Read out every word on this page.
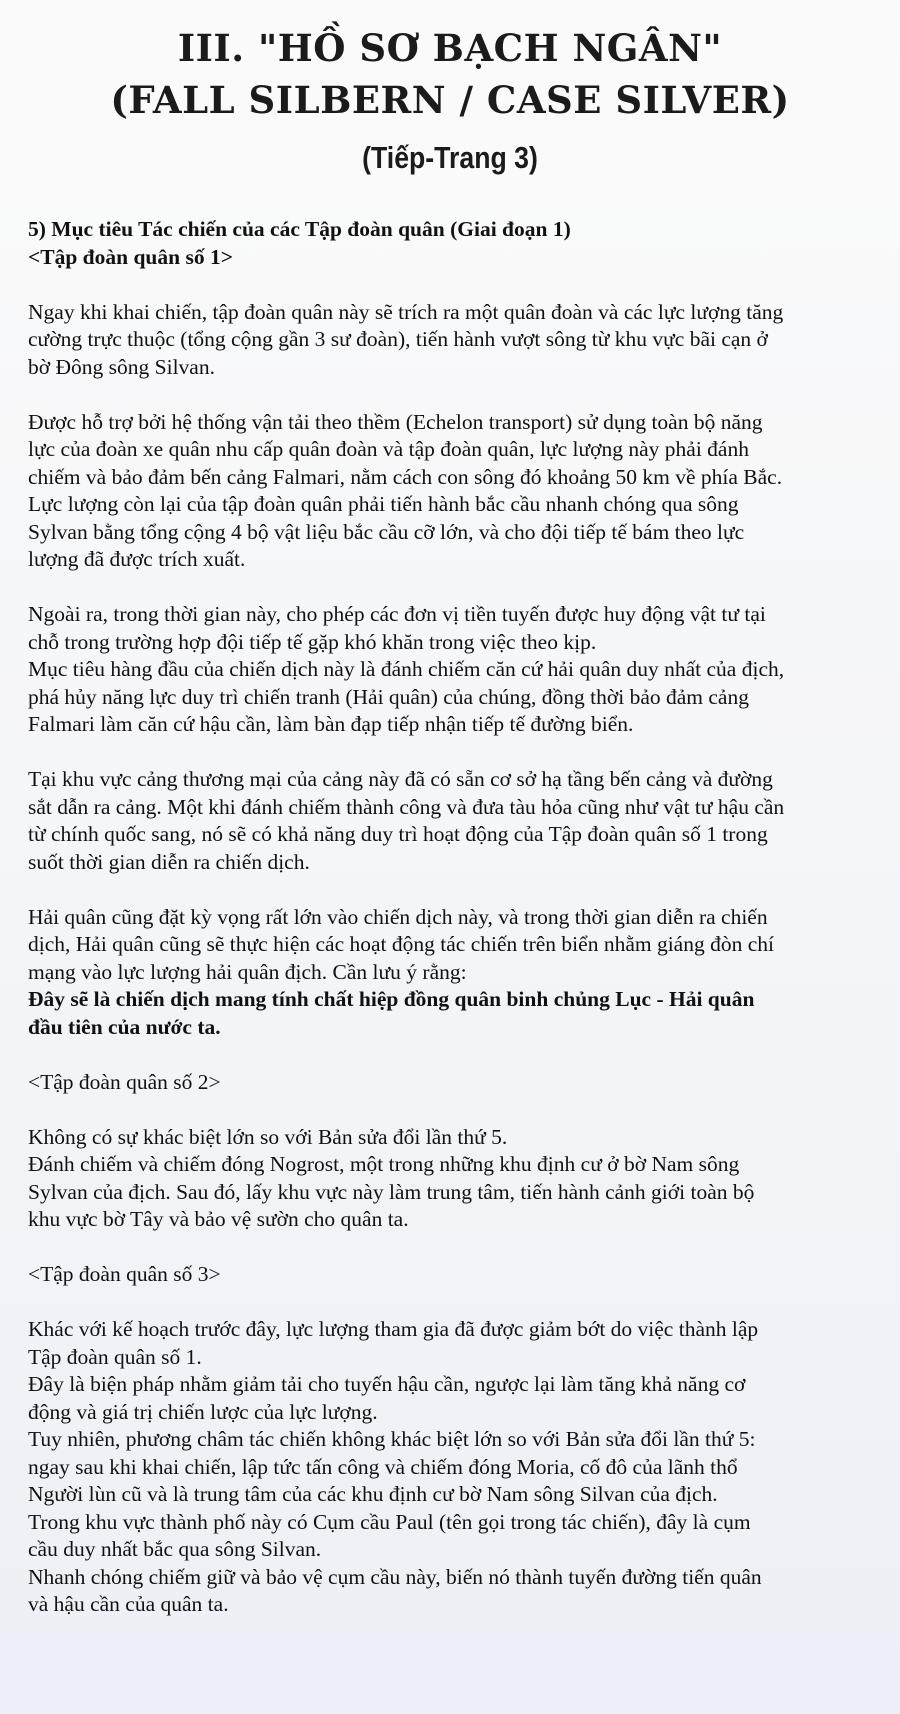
III. "HỒ SƠ BẠCH NGÂN"
(FALL SILBERN / CASE SILVER)
(Tiếp-Trang 3)
5) Mục tiêu Tác chiến của các Tập đoàn quân (Giai đoạn 1)
<Tập đoàn quân số 1>
Ngay khi khai chiến, tập đoàn quân này sẽ trích ra một quân đoàn và các lực lượng tăng
cường trực thuộc (tổng cộng gần 3 sư đoàn), tiến hành vượt sông từ khu vực bãi cạn ở
bờ Đông sông Silvan.
Được hỗ trợ bởi hệ thống vận tải theo thềm (Echelon transport) sử dụng toàn bộ năng
lực của đoàn xe quân nhu cấp quân đoàn và tập đoàn quân, lực lượng này phải đánh
chiếm và bảo đảm bến cảng Falmari, nằm cách con sông đó khoảng 50 km về phía Bắc.
Lực lượng còn lại của tập đoàn quân phải tiến hành bắc cầu nhanh chóng qua sông
Sylvan bằng tổng cộng 4 bộ vật liệu bắc cầu cỡ lớn, và cho đội tiếp tế bám theo lực
lượng đã được trích xuất.
Ngoài ra, trong thời gian này, cho phép các đơn vị tiền tuyến được huy động vật tư tại
chỗ trong trường hợp đội tiếp tế gặp khó khăn trong việc theo kịp.
Mục tiêu hàng đầu của chiến dịch này là đánh chiếm căn cứ hải quân duy nhất của địch,
phá hủy năng lực duy trì chiến tranh (Hải quân) của chúng, đồng thời bảo đảm cảng
Falmari làm căn cứ hậu cần, làm bàn đạp tiếp nhận tiếp tế đường biển.
Tại khu vực cảng thương mại của cảng này đã có sẵn cơ sở hạ tầng bến cảng và đường
sắt dẫn ra cảng. Một khi đánh chiếm thành công và đưa tàu hỏa cũng như vật tư hậu cần
từ chính quốc sang, nó sẽ có khả năng duy trì hoạt động của Tập đoàn quân số 1 trong
suốt thời gian diễn ra chiến dịch.
Hải quân cũng đặt kỳ vọng rất lớn vào chiến dịch này, và trong thời gian diễn ra chiến
dịch, Hải quân cũng sẽ thực hiện các hoạt động tác chiến trên biển nhằm giáng đòn chí
mạng vào lực lượng hải quân địch. Cần lưu ý rằng:
Đây sẽ là chiến dịch mang tính chất hiệp đồng quân binh chủng Lục - Hải quân
đầu tiên của nước ta.
<Tập đoàn quân số 2>
Không có sự khác biệt lớn so với Bản sửa đổi lần thứ 5.
Đánh chiếm và chiếm đóng Nogrost, một trong những khu định cư ở bờ Nam sông
Sylvan của địch. Sau đó, lấy khu vực này làm trung tâm, tiến hành cảnh giới toàn bộ
khu vực bờ Tây và bảo vệ sườn cho quân ta.
<Tập đoàn quân số 3>
Khác với kế hoạch trước đây, lực lượng tham gia đã được giảm bớt do việc thành lập
Tập đoàn quân số 1.
Đây là biện pháp nhằm giảm tải cho tuyến hậu cần, ngược lại làm tăng khả năng cơ
động và giá trị chiến lược của lực lượng.
Tuy nhiên, phương châm tác chiến không khác biệt lớn so với Bản sửa đổi lần thứ 5:
ngay sau khi khai chiến, lập tức tấn công và chiếm đóng Moria, cố đô của lãnh thổ
Người lùn cũ và là trung tâm của các khu định cư bờ Nam sông Silvan của địch.
Trong khu vực thành phố này có Cụm cầu Paul (tên gọi trong tác chiến), đây là cụm
cầu duy nhất bắc qua sông Silvan.
Nhanh chóng chiếm giữ và bảo vệ cụm cầu này, biến nó thành tuyến đường tiến quân
và hậu cần của quân ta.
